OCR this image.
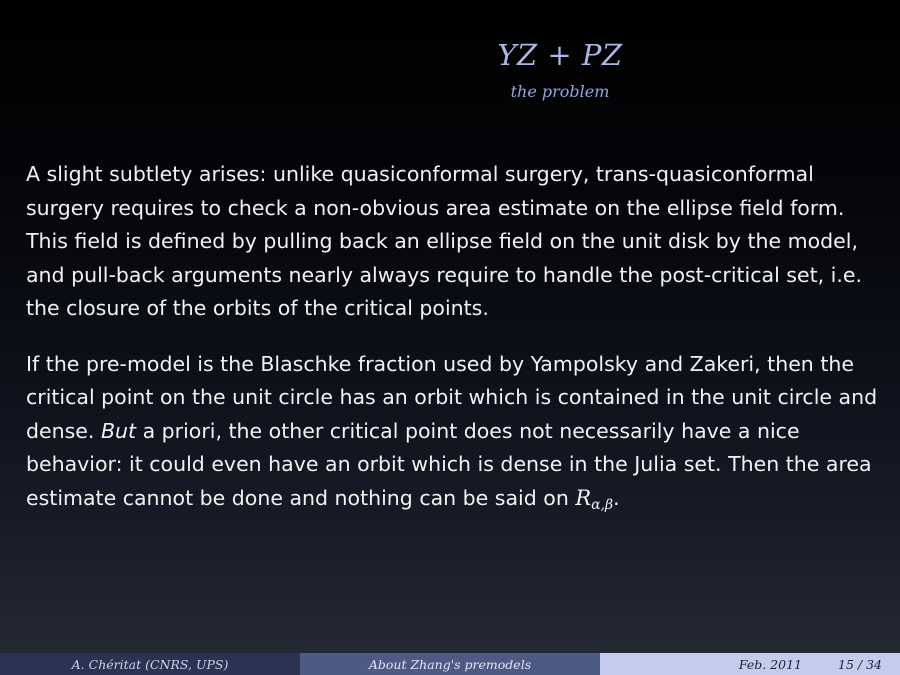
YZ + PZ
the problem

A slight subtlety arises: unlike quasiconformal surgery, trans-quasiconformal surgery requires to check a non-obvious area estimate on the ellipse field form. This field is defined by pulling back an ellipse field on the unit disk by the model, and pull-back arguments nearly always require to handle the post-critical set, i.e. the closure of the orbits of the critical points.

If the pre-model is the Blaschke fraction used by Yampolsky and Zakeri, then the critical point on the unit circle has an orbit which is contained in the unit circle and dense. But a priori, the other critical point does not necessarily have a nice behavior: it could even have an orbit which is dense in the Julia set. Then the area estimate cannot be done and nothing can be said on $R_{\alpha,\beta}$.

A. Chéritat (CNRS, UPS)	About Zhang's premodels	Feb. 2011	15 / 34
